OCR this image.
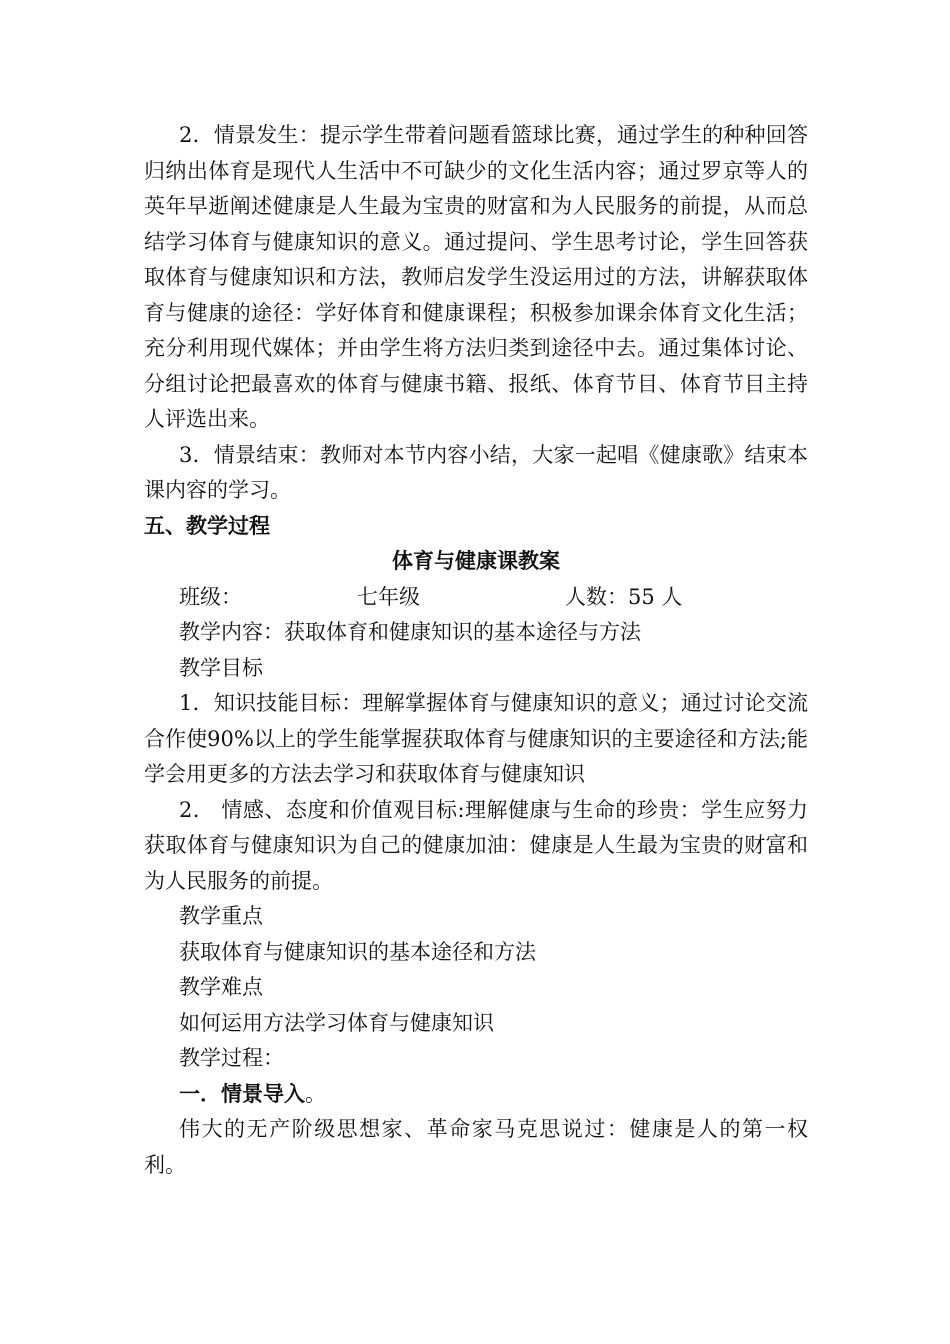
2．情景发生：提示学生带着问题看篮球比赛，通过学生的种种回答归纳出体育是现代人生活中不可缺少的文化生活内容；通过罗京等人的英年早逝阐述健康是人生最为宝贵的财富和为人民服务的前提，从而总结学习体育与健康知识的意义。通过提问、学生思考讨论，学生回答获取体育与健康知识和方法，教师启发学生没运用过的方法，讲解获取体育与健康的途径：学好体育和健康课程；积极参加课余体育文化生活；充分利用现代媒体；并由学生将方法归类到途径中去。通过集体讨论、分组讨论把最喜欢的体育与健康书籍、报纸、体育节目、体育节目主持人评选出来。

3．情景结束：教师对本节内容小结，大家一起唱《健康歌》结束本课内容的学习。

五、教学过程

体育与健康课教案

班级：	七年级	人数：55 人

教学内容：获取体育和健康知识的基本途径与方法

教学目标

1．知识技能目标：理解掌握体育与健康知识的意义；通过讨论交流合作使90%以上的学生能掌握获取体育与健康知识的主要途径和方法;能学会用更多的方法去学习和获取体育与健康知识

2． 情感、态度和价值观目标:理解健康与生命的珍贵：学生应努力获取体育与健康知识为自己的健康加油：健康是人生最为宝贵的财富和为人民服务的前提。

教学重点

获取体育与健康知识的基本途径和方法

教学难点

如何运用方法学习体育与健康知识

教学过程：

一．情景导入。

伟大的无产阶级思想家、革命家马克思说过：健康是人的第一权利。
